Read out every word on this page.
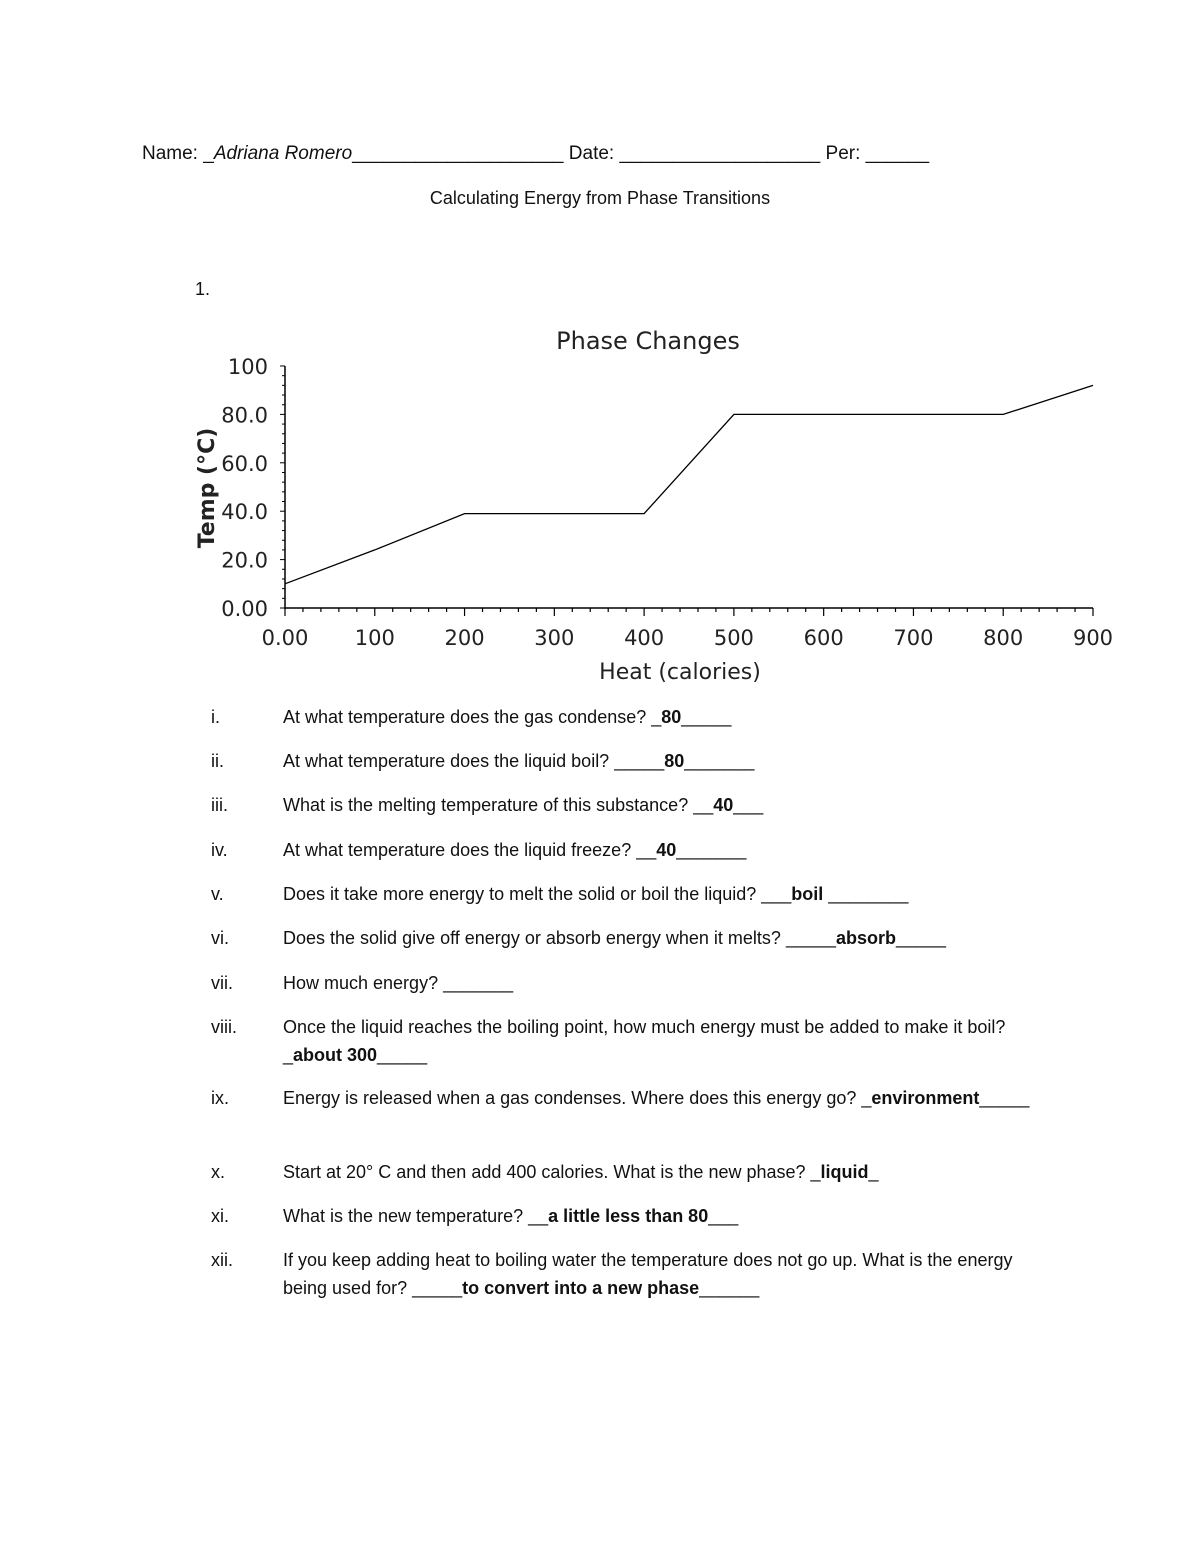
Name: _Adriana Romero____________________ Date: ___________________ Per: ______
Calculating Energy from Phase Transitions
1.
Phase Changes
0.00
20.0
40.0
60.0
80.0
100
0.00 100 200 300 400 500 600 700 800 900
Heat (calories)
Temp (°C)
i.	At what temperature does the gas condense? _80_____
ii.	At what temperature does the liquid boil? _____80_______
iii.	What is the melting temperature of this substance? __40___
iv.	At what temperature does the liquid freeze? __40_______
v.	Does it take more energy to melt the solid or boil the liquid? ___boil ________
vi.	Does the solid give off energy or absorb energy when it melts? _____absorb_____
vii.	How much energy? _______
viii.	Once the liquid reaches the boiling point, how much energy must be added to make it boil? _about 300_____
ix.	Energy is released when a gas condenses. Where does this energy go? _environment_____
x.	Start at 20° C and then add 400 calories. What is the new phase? _liquid_
xi.	What is the new temperature? __a little less than 80___
xii.	If you keep adding heat to boiling water the temperature does not go up. What is the energy being used for? _____to convert into a new phase______
